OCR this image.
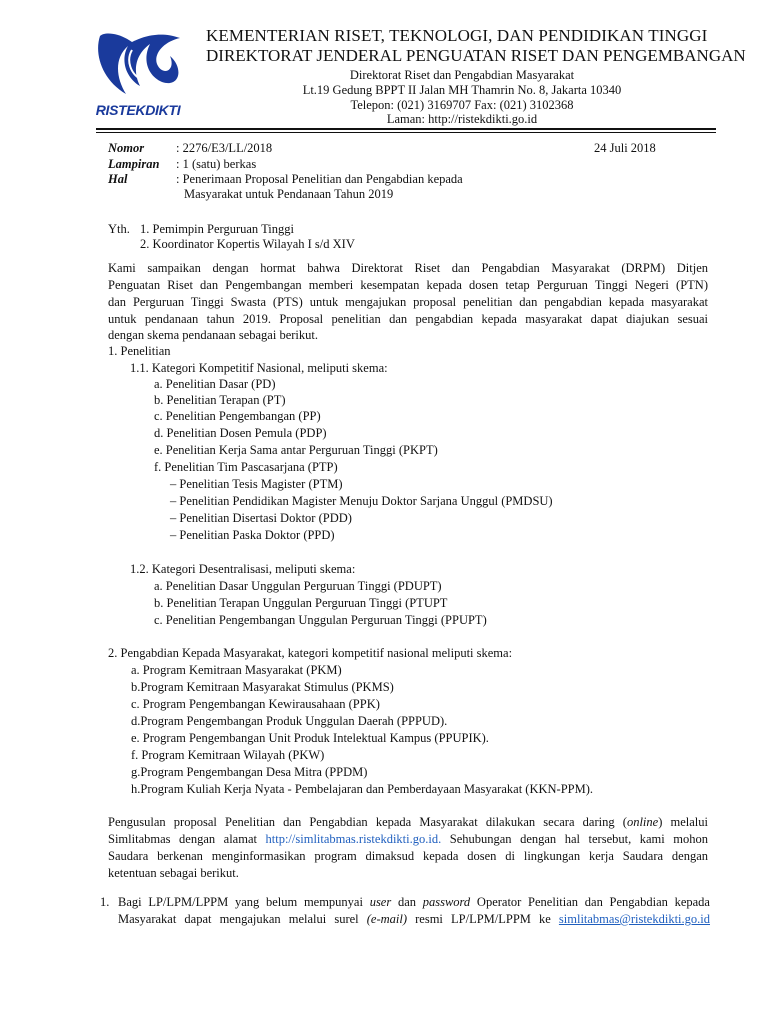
RISTEKDIKTI
KEMENTERIAN RISET, TEKNOLOGI, DAN PENDIDIKAN TINGGI
DIREKTORAT JENDERAL PENGUATAN RISET DAN PENGEMBANGAN
Direktorat Riset dan Pengabdian Masyarakat
Lt.19 Gedung BPPT II Jalan MH Thamrin No. 8, Jakarta 10340
Telepon: (021) 3169707 Fax: (021) 3102368
Laman: http://ristekdikti.go.id
Nomor	: 2276/E3/LL/2018	24 Juli 2018
Lampiran : 1 (satu) berkas
Hal	: Penerimaan Proposal Penelitian dan Pengabdian kepada
Masyarakat untuk Pendanaan Tahun 2019
Yth. 1. Pemimpin Perguruan Tinggi
2. Koordinator Kopertis Wilayah I s/d XIV
Kami sampaikan dengan hormat bahwa Direktorat Riset dan Pengabdian Masyarakat (DRPM) Ditjen
Penguatan Riset dan Pengembangan memberi kesempatan kepada dosen tetap Perguruan Tinggi Negeri (PTN)
dan Perguruan Tinggi Swasta (PTS) untuk mengajukan proposal penelitian dan pengabdian kepada masyarakat
untuk pendanaan tahun 2019. Proposal penelitian dan pengabdian kepada masyarakat dapat diajukan sesuai
dengan skema pendanaan sebagai berikut.
1. Penelitian
1.1. Kategori Kompetitif Nasional, meliputi skema:
a. Penelitian Dasar (PD)
b. Penelitian Terapan (PT)
c. Penelitian Pengembangan (PP)
d. Penelitian Dosen Pemula (PDP)
e. Penelitian Kerja Sama antar Perguruan Tinggi (PKPT)
f. Penelitian Tim Pascasarjana (PTP)
– Penelitian Tesis Magister (PTM)
– Penelitian Pendidikan Magister Menuju Doktor Sarjana Unggul (PMDSU)
– Penelitian Disertasi Doktor (PDD)
– Penelitian Paska Doktor (PPD)
1.2. Kategori Desentralisasi, meliputi skema:
a. Penelitian Dasar Unggulan Perguruan Tinggi (PDUPT)
b. Penelitian Terapan Unggulan Perguruan Tinggi (PTUPT
c. Penelitian Pengembangan Unggulan Perguruan Tinggi (PPUPT)
2. Pengabdian Kepada Masyarakat, kategori kompetitif nasional meliputi skema:
a. Program Kemitraan Masyarakat (PKM)
b.Program Kemitraan Masyarakat Stimulus (PKMS)
c. Program Pengembangan Kewirausahaan (PPK)
d.Program Pengembangan Produk Unggulan Daerah (PPPUD).
e. Program Pengembangan Unit Produk Intelektual Kampus (PPUPIK).
f. Program Kemitraan Wilayah (PKW)
g.Program Pengembangan Desa Mitra (PPDM)
h.Program Kuliah Kerja Nyata - Pembelajaran dan Pemberdayaan Masyarakat (KKN-PPM).
Pengusulan proposal Penelitian dan Pengabdian kepada Masyarakat dilakukan secara daring (online) melalui
Simlitabmas dengan alamat http://simlitabmas.ristekdikti.go.id. Sehubungan dengan hal tersebut, kami mohon
Saudara berkenan menginformasikan program dimaksud kepada dosen di lingkungan kerja Saudara dengan
ketentuan sebagai berikut.
1. Bagi LP/LPM/LPPM yang belum mempunyai user dan password Operator Penelitian dan Pengabdian kepada
Masyarakat dapat mengajukan melalui surel (e-mail) resmi LP/LPM/LPPM ke simlitabmas@ristekdikti.go.id
